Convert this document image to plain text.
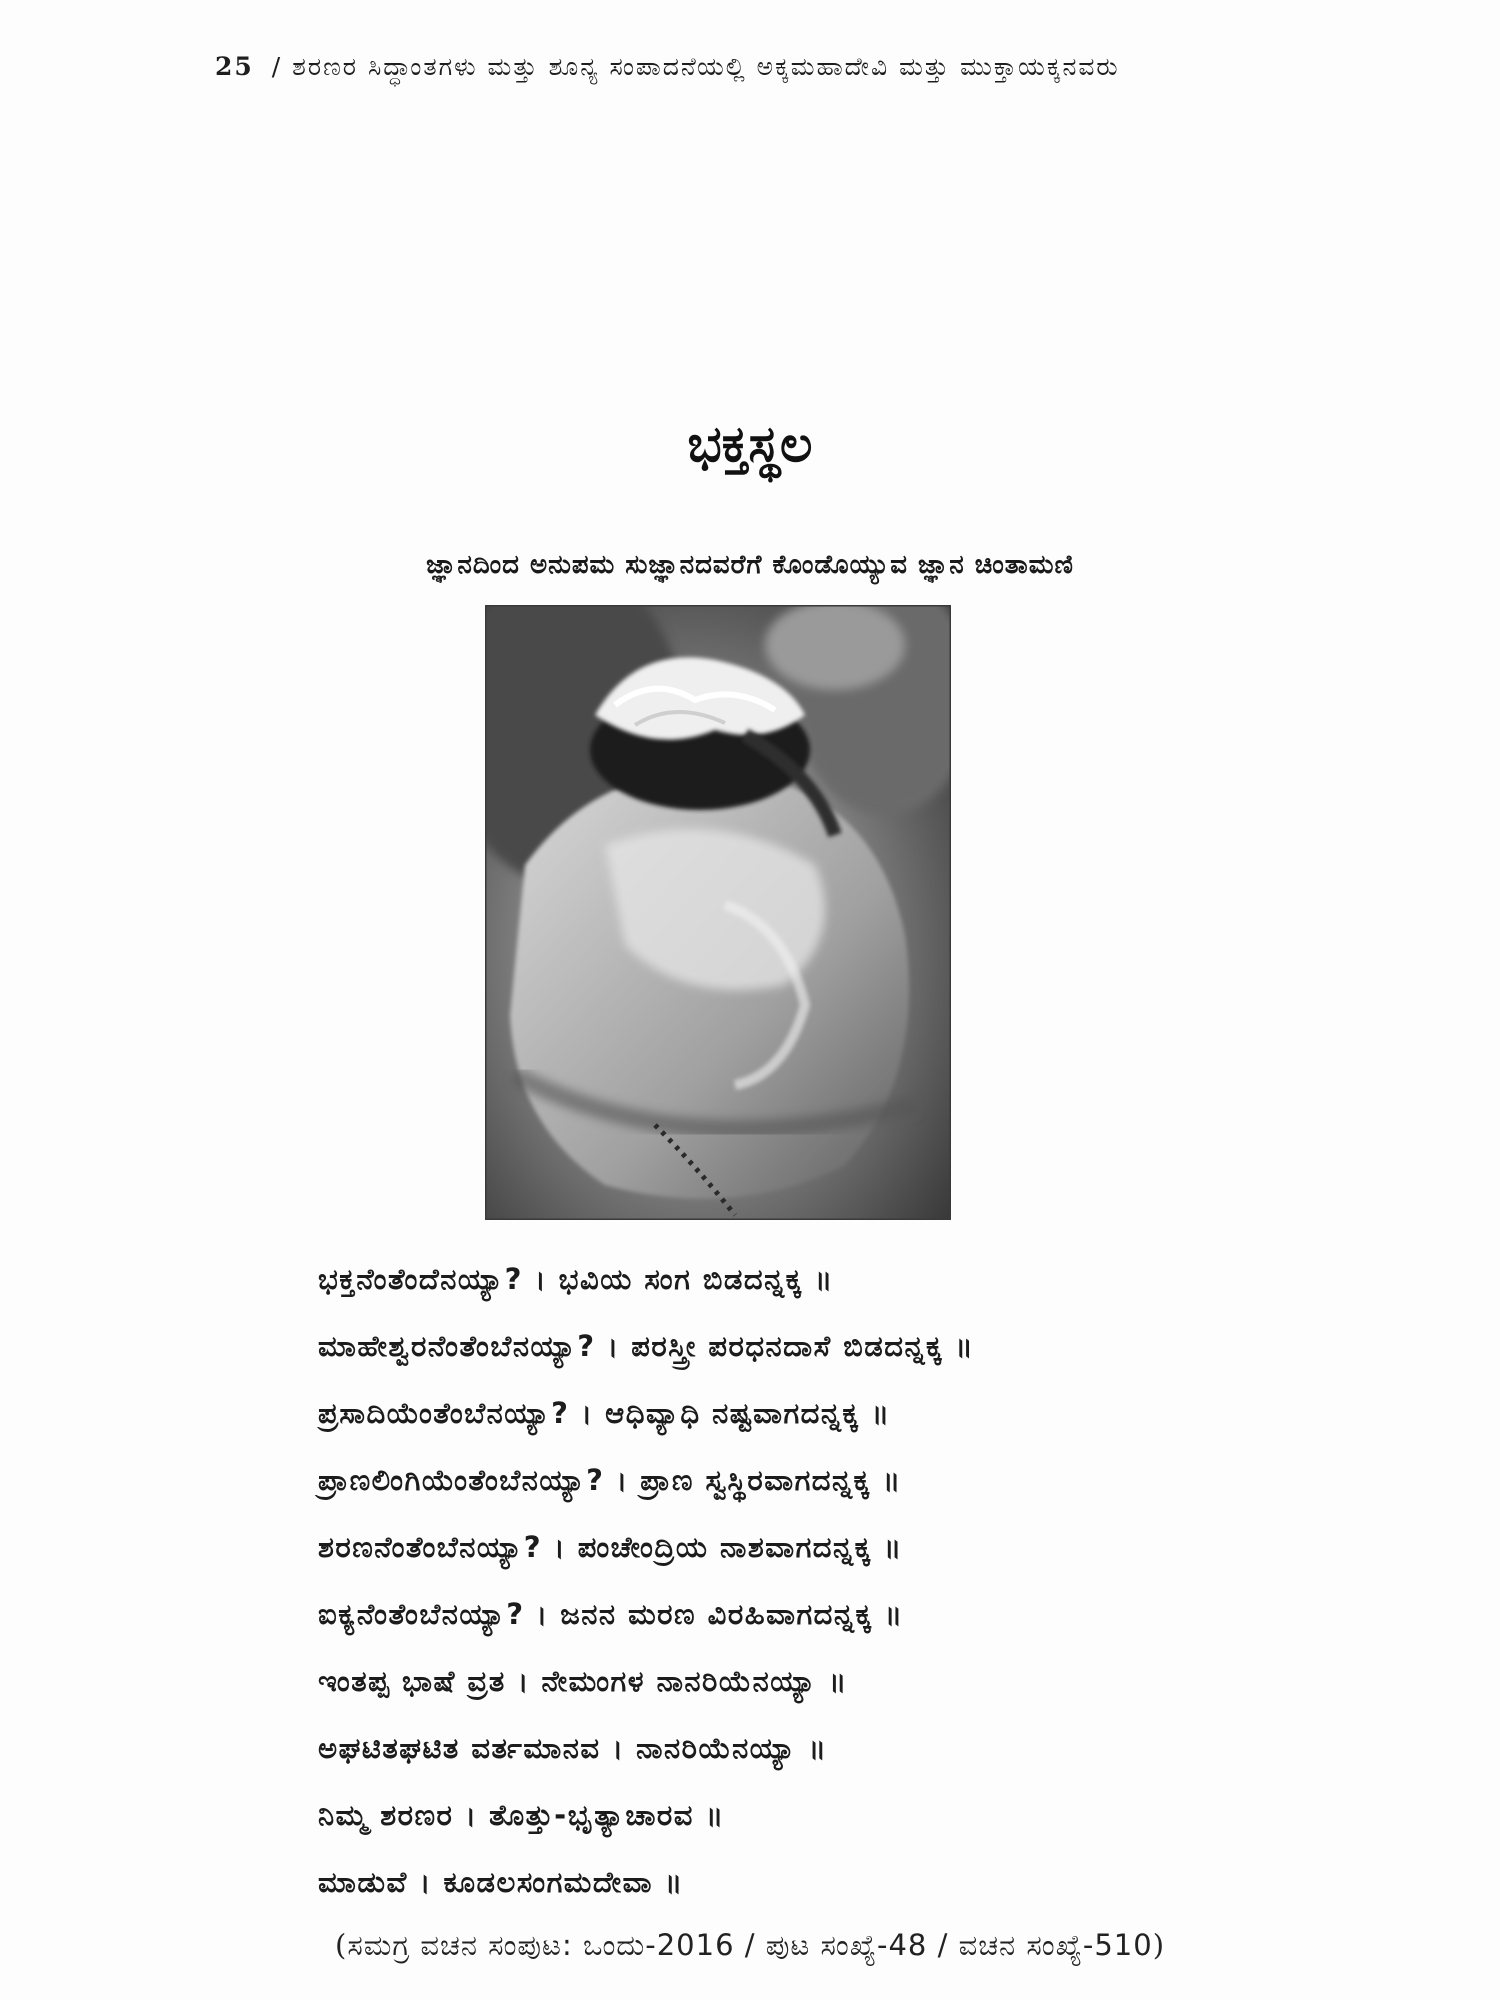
25 / ಶರಣರ ಸಿದ್ಧಾಂತಗಳು ಮತ್ತು ಶೂನ್ಯ ಸಂಪಾದನೆಯಲ್ಲಿ ಅಕ್ಕಮಹಾದೇವಿ ಮತ್ತು ಮುಕ್ತಾಯಕ್ಕನವರು
ಭಕ್ತಸ್ಥಲ
ಜ್ಞಾನದಿಂದ ಅನುಪಮ ಸುಜ್ಞಾನದವರೆಗೆ ಕೊಂಡೊಯ್ಯುವ ಜ್ಞಾನ ಚಿಂತಾಮಣಿ
ಭಕ್ತನೆಂತೆಂದೆನಯ್ಯಾ? । ಭವಿಯ ಸಂಗ ಬಿಡದನ್ನಕ್ಕ ॥
ಮಾಹೇಶ್ವರನೆಂತೆಂಬೆನಯ್ಯಾ? । ಪರಸ್ತ್ರೀ ಪರಧನದಾಸೆ ಬಿಡದನ್ನಕ್ಕ ॥
ಪ್ರಸಾದಿಯೆಂತೆಂಬೆನಯ್ಯಾ? । ಆಧಿವ್ಯಾಧಿ ನಷ್ಟವಾಗದನ್ನಕ್ಕ ॥
ಪ್ರಾಣಲಿಂಗಿಯೆಂತೆಂಬೆನಯ್ಯಾ? । ಪ್ರಾಣ ಸ್ವಸ್ಥಿರವಾಗದನ್ನಕ್ಕ ॥
ಶರಣನೆಂತೆಂಬೆನಯ್ಯಾ? । ಪಂಚೇಂದ್ರಿಯ ನಾಶವಾಗದನ್ನಕ್ಕ ॥
ಐಕ್ಯನೆಂತೆಂಬೆನಯ್ಯಾ? । ಜನನ ಮರಣ ವಿರಹಿವಾಗದನ್ನಕ್ಕ ॥
ಇಂತಪ್ಪ ಭಾಷೆ ವ್ರತ । ನೇಮಂಗಳ ನಾನರಿಯೆನಯ್ಯಾ ॥
ಅಘಟಿತಘಟಿತ ವರ್ತಮಾನವ । ನಾನರಿಯೆನಯ್ಯಾ ॥
ನಿಮ್ಮ ಶರಣರ । ತೊತ್ತು-ಭೃತ್ಯಾಚಾರವ ॥
ಮಾಡುವೆ । ಕೂಡಲಸಂಗಮದೇವಾ ॥
(ಸಮಗ್ರ ವಚನ ಸಂಪುಟ: ಒಂದು-2016 / ಪುಟ ಸಂಖ್ಯೆ-48 / ವಚನ ಸಂಖ್ಯೆ-510)
